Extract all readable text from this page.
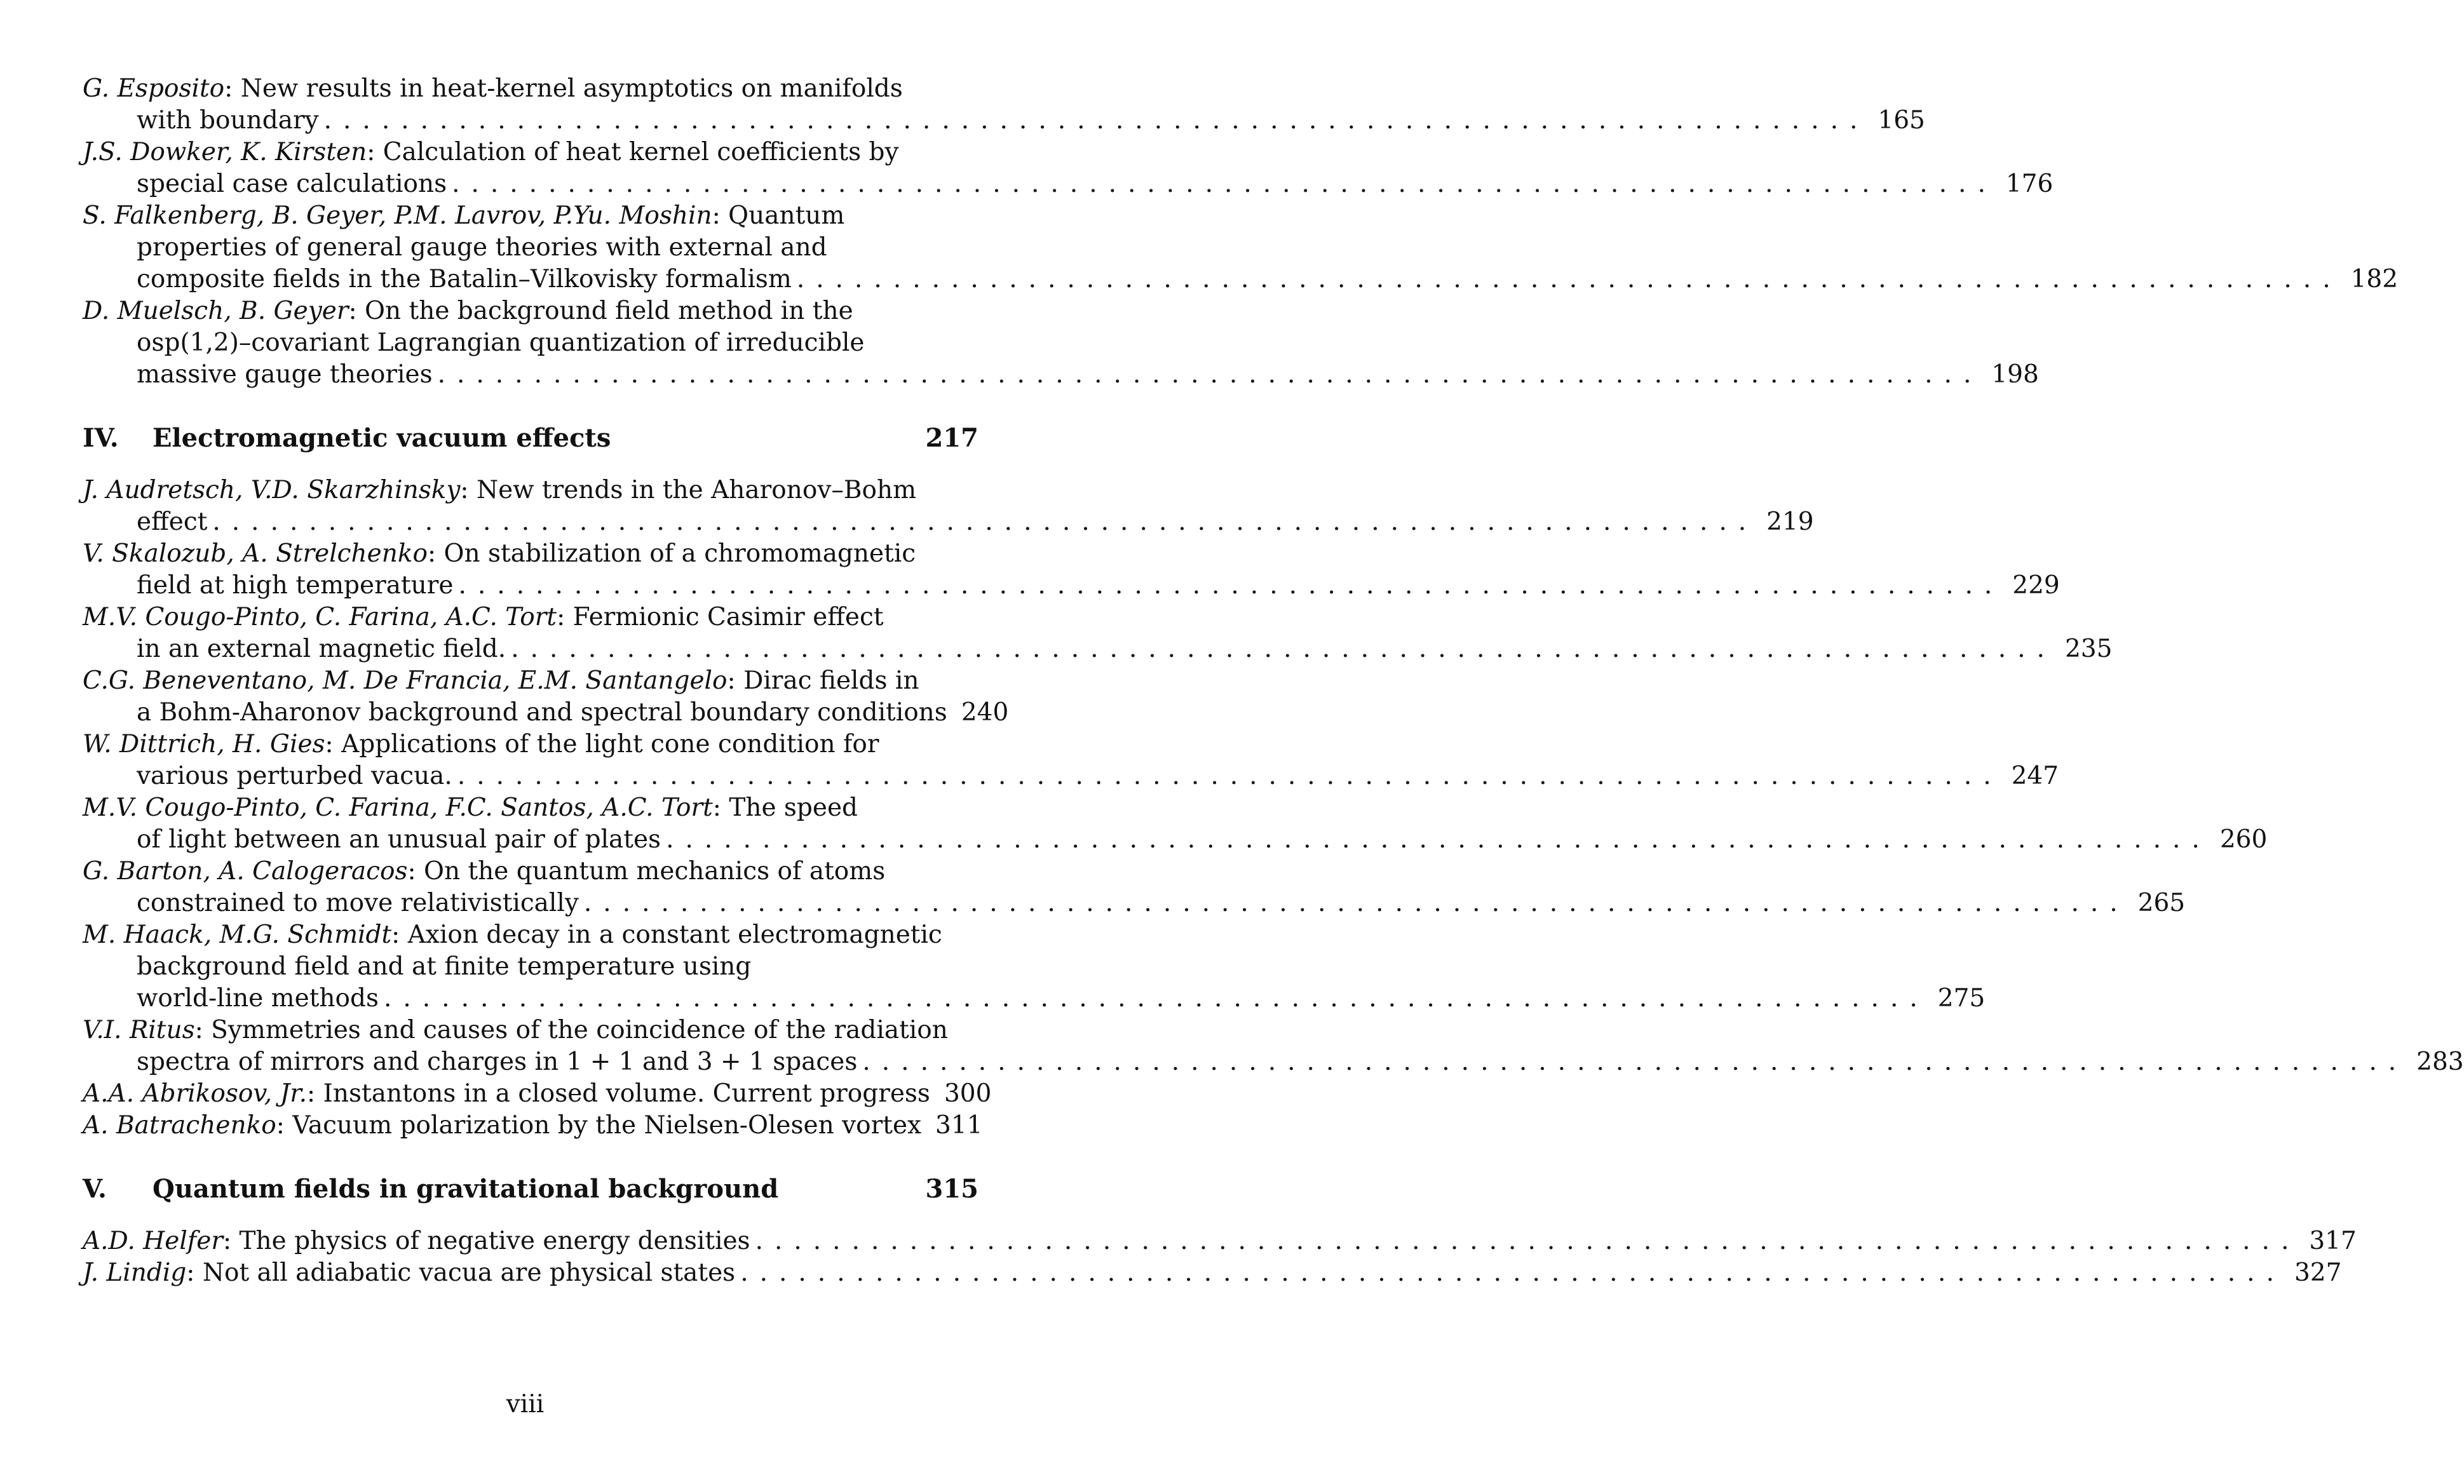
G. Esposito: New results in heat-kernel asymptotics on manifolds
with boundary ................................................................................ 165
J.S. Dowker, K. Kirsten: Calculation of heat kernel coefficients by
special case calculations ................................................................................ 176
S. Falkenberg, B. Geyer, P.M. Lavrov, P.Yu. Moshin: Quantum
properties of general gauge theories with external and
composite fields in the Batalin–Vilkovisky formalism ................................................................................ 182
D. Muelsch, B. Geyer: On the background field method in the
osp(1,2)–covariant Lagrangian quantization of irreducible
massive gauge theories ................................................................................ 198
IV.	Electromagnetic vacuum effects	217
J. Audretsch, V.D. Skarzhinsky: New trends in the Aharonov–Bohm
effect ................................................................................ 219
V. Skalozub, A. Strelchenko: On stabilization of a chromomagnetic
field at high temperature ................................................................................ 229
M.V. Cougo-Pinto, C. Farina, A.C. Tort: Fermionic Casimir effect
in an external magnetic field. ................................................................................ 235
C.G. Beneventano, M. De Francia, E.M. Santangelo: Dirac fields in
a Bohm-Aharonov background and spectral boundary conditions 240
W. Dittrich, H. Gies: Applications of the light cone condition for
various perturbed vacua. ................................................................................ 247
M.V. Cougo-Pinto, C. Farina, F.C. Santos, A.C. Tort: The speed
of light between an unusual pair of plates ................................................................................ 260
G. Barton, A. Calogeracos: On the quantum mechanics of atoms
constrained to move relativistically ................................................................................ 265
M. Haack, M.G. Schmidt: Axion decay in a constant electromagnetic
background field and at finite temperature using
world-line methods ................................................................................ 275
V.I. Ritus: Symmetries and causes of the coincidence of the radiation
spectra of mirrors and charges in 1 + 1 and 3 + 1 spaces ................................................................................ 283
A.A. Abrikosov, Jr.: Instantons in a closed volume. Current progress 300
A. Batrachenko: Vacuum polarization by the Nielsen-Olesen vortex 311
V.	Quantum fields in gravitational background	315
A.D. Helfer: The physics of negative energy densities ................................................................................ 317
J. Lindig: Not all adiabatic vacua are physical states ................................................................................ 327
viii
